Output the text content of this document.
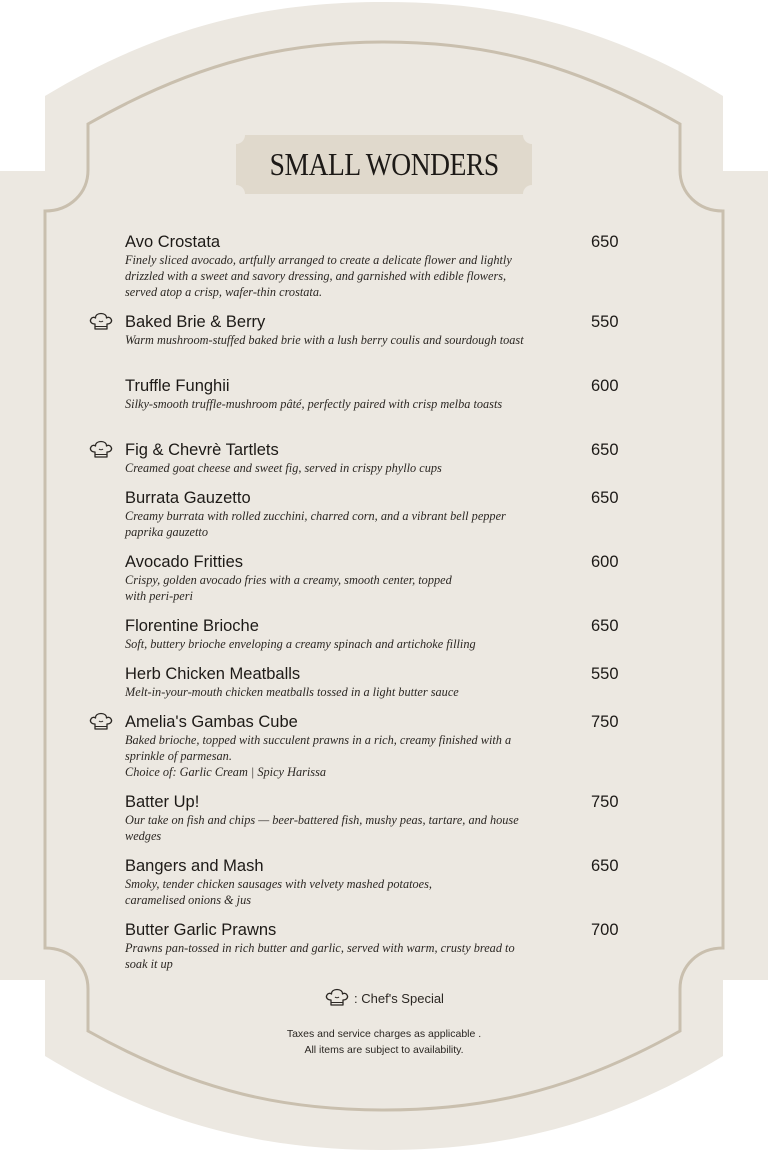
SMALL WONDERS
Avo Crostata
Finely sliced avocado, artfully arranged to create a delicate flower and lightly drizzled with a sweet and savory dressing, and garnished with edible flowers, served atop a crisp, wafer-thin crostata.
650
Baked Brie & Berry
Warm mushroom-stuffed baked brie with a lush berry coulis and sourdough toast
550
Truffle Funghii
Silky-smooth truffle-mushroom pâté, perfectly paired with crisp melba toasts
600
Fig & Chevrè Tartlets
Creamed goat cheese and sweet fig, served in crispy phyllo cups
650
Burrata Gauzetto
Creamy burrata with rolled zucchini, charred corn, and a vibrant bell pepper paprika gauzetto
650
Avocado Fritties
Crispy, golden avocado fries with a creamy, smooth center, topped with peri-peri
600
Florentine Brioche
Soft, buttery brioche enveloping a creamy spinach and artichoke filling
650
Herb Chicken Meatballs
Melt-in-your-mouth chicken meatballs tossed in a light butter sauce
550
Amelia's Gambas Cube
Baked brioche, topped with succulent prawns in a rich, creamy finished with a sprinkle of parmesan.
Choice of: Garlic Cream | Spicy Harissa
750
Batter Up!
Our take on fish and chips — beer-battered fish, mushy peas, tartare, and house wedges
750
Bangers and Mash
Smoky, tender chicken sausages with velvety mashed potatoes, caramelised onions & jus
650
Butter Garlic Prawns
Prawns pan-tossed in rich butter and garlic, served with warm, crusty bread to soak it up
700
: Chef's Special
Taxes and service charges as applicable .
All items are subject to availability.
